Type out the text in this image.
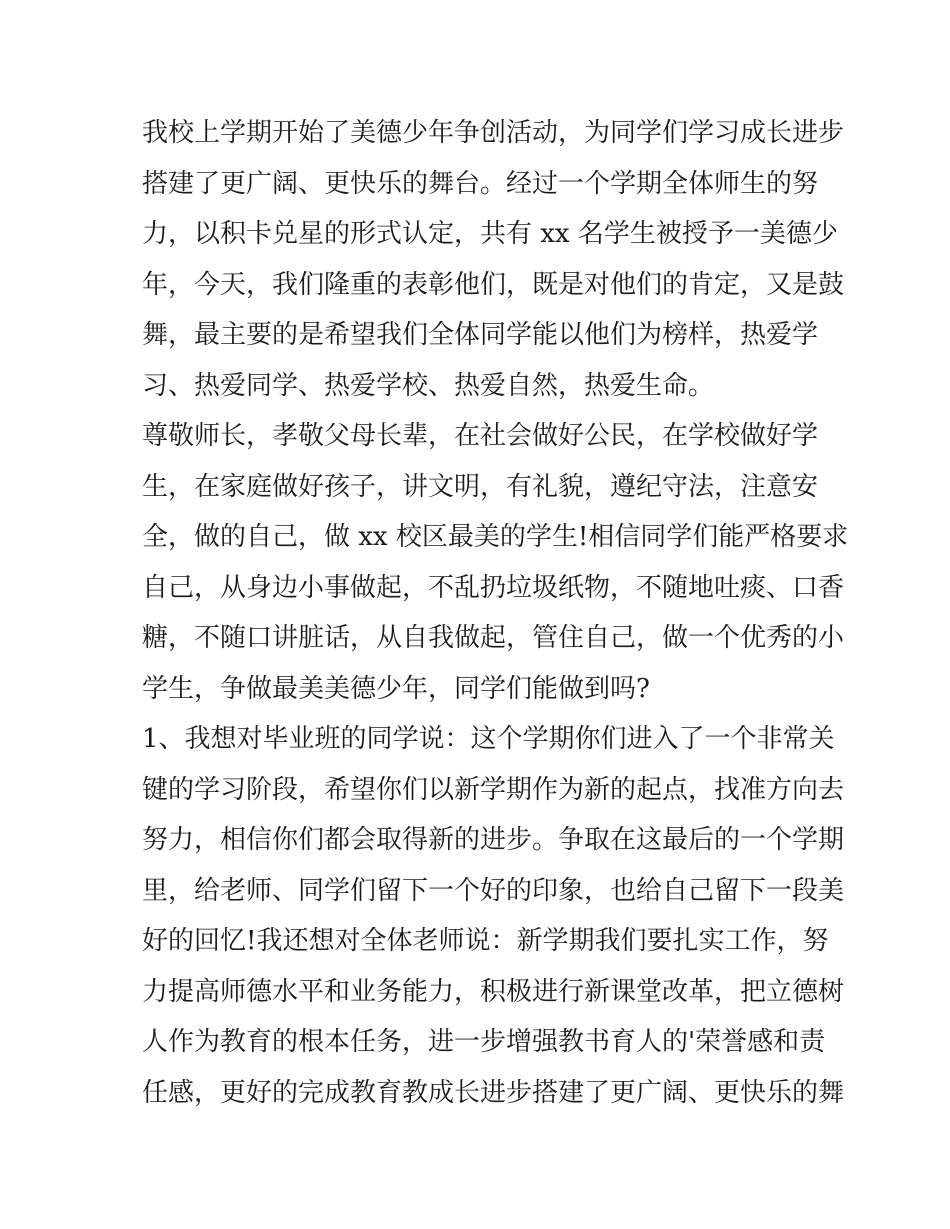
我校上学期开始了美德少年争创活动，为同学们学习成长进步
搭建了更广阔、更快乐的舞台。经过一个学期全体师生的努
力，以积卡兑星的形式认定，共有 xx 名学生被授予一美德少
年，今天，我们隆重的表彰他们，既是对他们的肯定，又是鼓
舞，最主要的是希望我们全体同学能以他们为榜样，热爱学
习、热爱同学、热爱学校、热爱自然，热爱生命。
尊敬师长，孝敬父母长辈，在社会做好公民，在学校做好学
生，在家庭做好孩子，讲文明，有礼貌，遵纪守法，注意安
全，做的自己，做 xx 校区最美的学生!相信同学们能严格要求
自己，从身边小事做起，不乱扔垃圾纸物，不随地吐痰、口香
糖，不随口讲脏话，从自我做起，管住自己，做一个优秀的小
学生，争做最美美德少年，同学们能做到吗?
1、我想对毕业班的同学说：这个学期你们进入了一个非常关
键的学习阶段，希望你们以新学期作为新的起点，找准方向去
努力，相信你们都会取得新的进步。争取在这最后的一个学期
里，给老师、同学们留下一个好的印象，也给自己留下一段美
好的回忆!我还想对全体老师说：新学期我们要扎实工作，努
力提高师德水平和业务能力，积极进行新课堂改革，把立德树
人作为教育的根本任务，进一步增强教书育人的'荣誉感和责
任感，更好的完成教育教成长进步搭建了更广阔、更快乐的舞
